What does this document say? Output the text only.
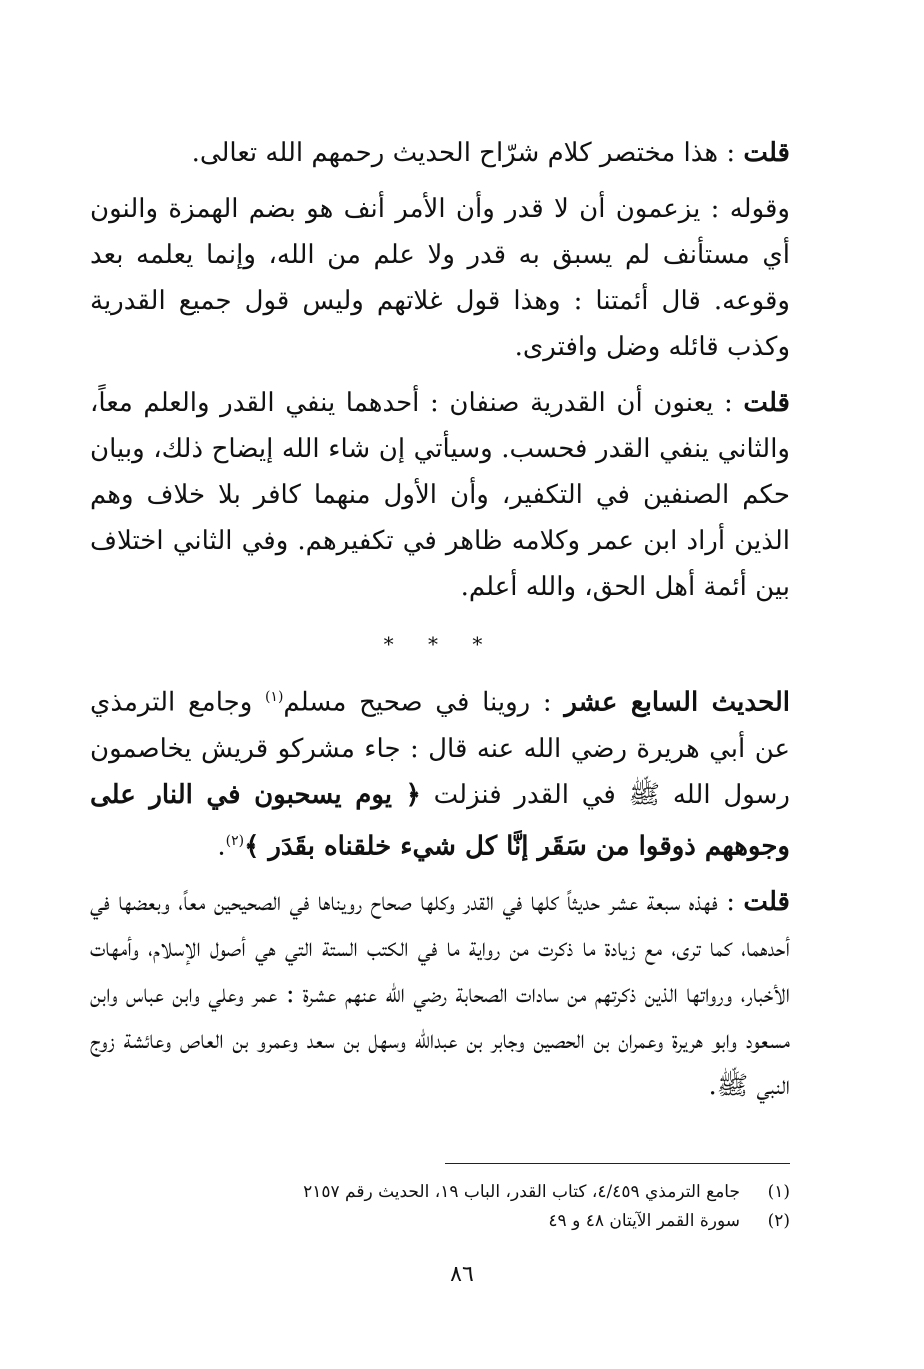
قلت : هذا مختصر كلام شرّاح الحديث رحمهم الله تعالى.

وقوله : يزعمون أن لا قدر وأن الأمر أنف هو بضم الهمزة والنون أي مستأنف لم يسبق به قدر ولا علم من الله، وإنما يعلمه بعد وقوعه. قال أئمتنا : وهذا قول غلاتهم وليس قول جميع القدرية وكذب قائله وضل وافترى.

قلت : يعنون أن القدرية صنفان : أحدهما ينفي القدر والعلم معاً، والثاني ينفي القدر فحسب. وسيأتي إن شاء الله إيضاح ذلك، وبيان حكم الصنفين في التكفير، وأن الأول منهما كافر بلا خلاف وهم الذين أراد ابن عمر وكلامه ظاهر في تكفيرهم. وفي الثاني اختلاف بين أئمة أهل الحق، والله أعلم.

* * *

الحديث السابع عشر : روينا في صحيح مسلم$^{(١)}$ وجامع الترمذي عن أبي هريرة رضي الله عنه قال : جاء مشركو قريش يخاصمون رسول الله ﷺ في القدر فنزلت ﴿ يوم يسحبون في النار على وجوههم ذوقوا من سَقَر إنَّا كل شيء خلقناه بقَدَر ﴾$^{(٢)}$.

قلت : فهذه سبعة عشر حديثاً كلها في القدر وكلها صحاح رويناها في الصحيحين معاً، وبعضها في أحدهما، كما ترى، مع زيادة ما ذكرت من رواية ما في الكتب الستة التي هي أصول الإسلام، وأمهات الأخبار، ورواتها الذين ذكرتهم من سادات الصحابة رضي الله عنهم عشرة : عمر وعلي وابن عباس وابن مسعود وابو هريرة وعمران بن الحصين وجابر بن عبدالله وسهل بن سعد وعمرو بن العاص وعائشة زوج النبي ﷺ.

(١)
جامع الترمذي ٤/٤٥٩، كتاب القدر، الباب ١٩، الحديث رقم ٢١٥٧
(٢)
سورة القمر الآيتان ٤٨ و ٤٩
٨٦
